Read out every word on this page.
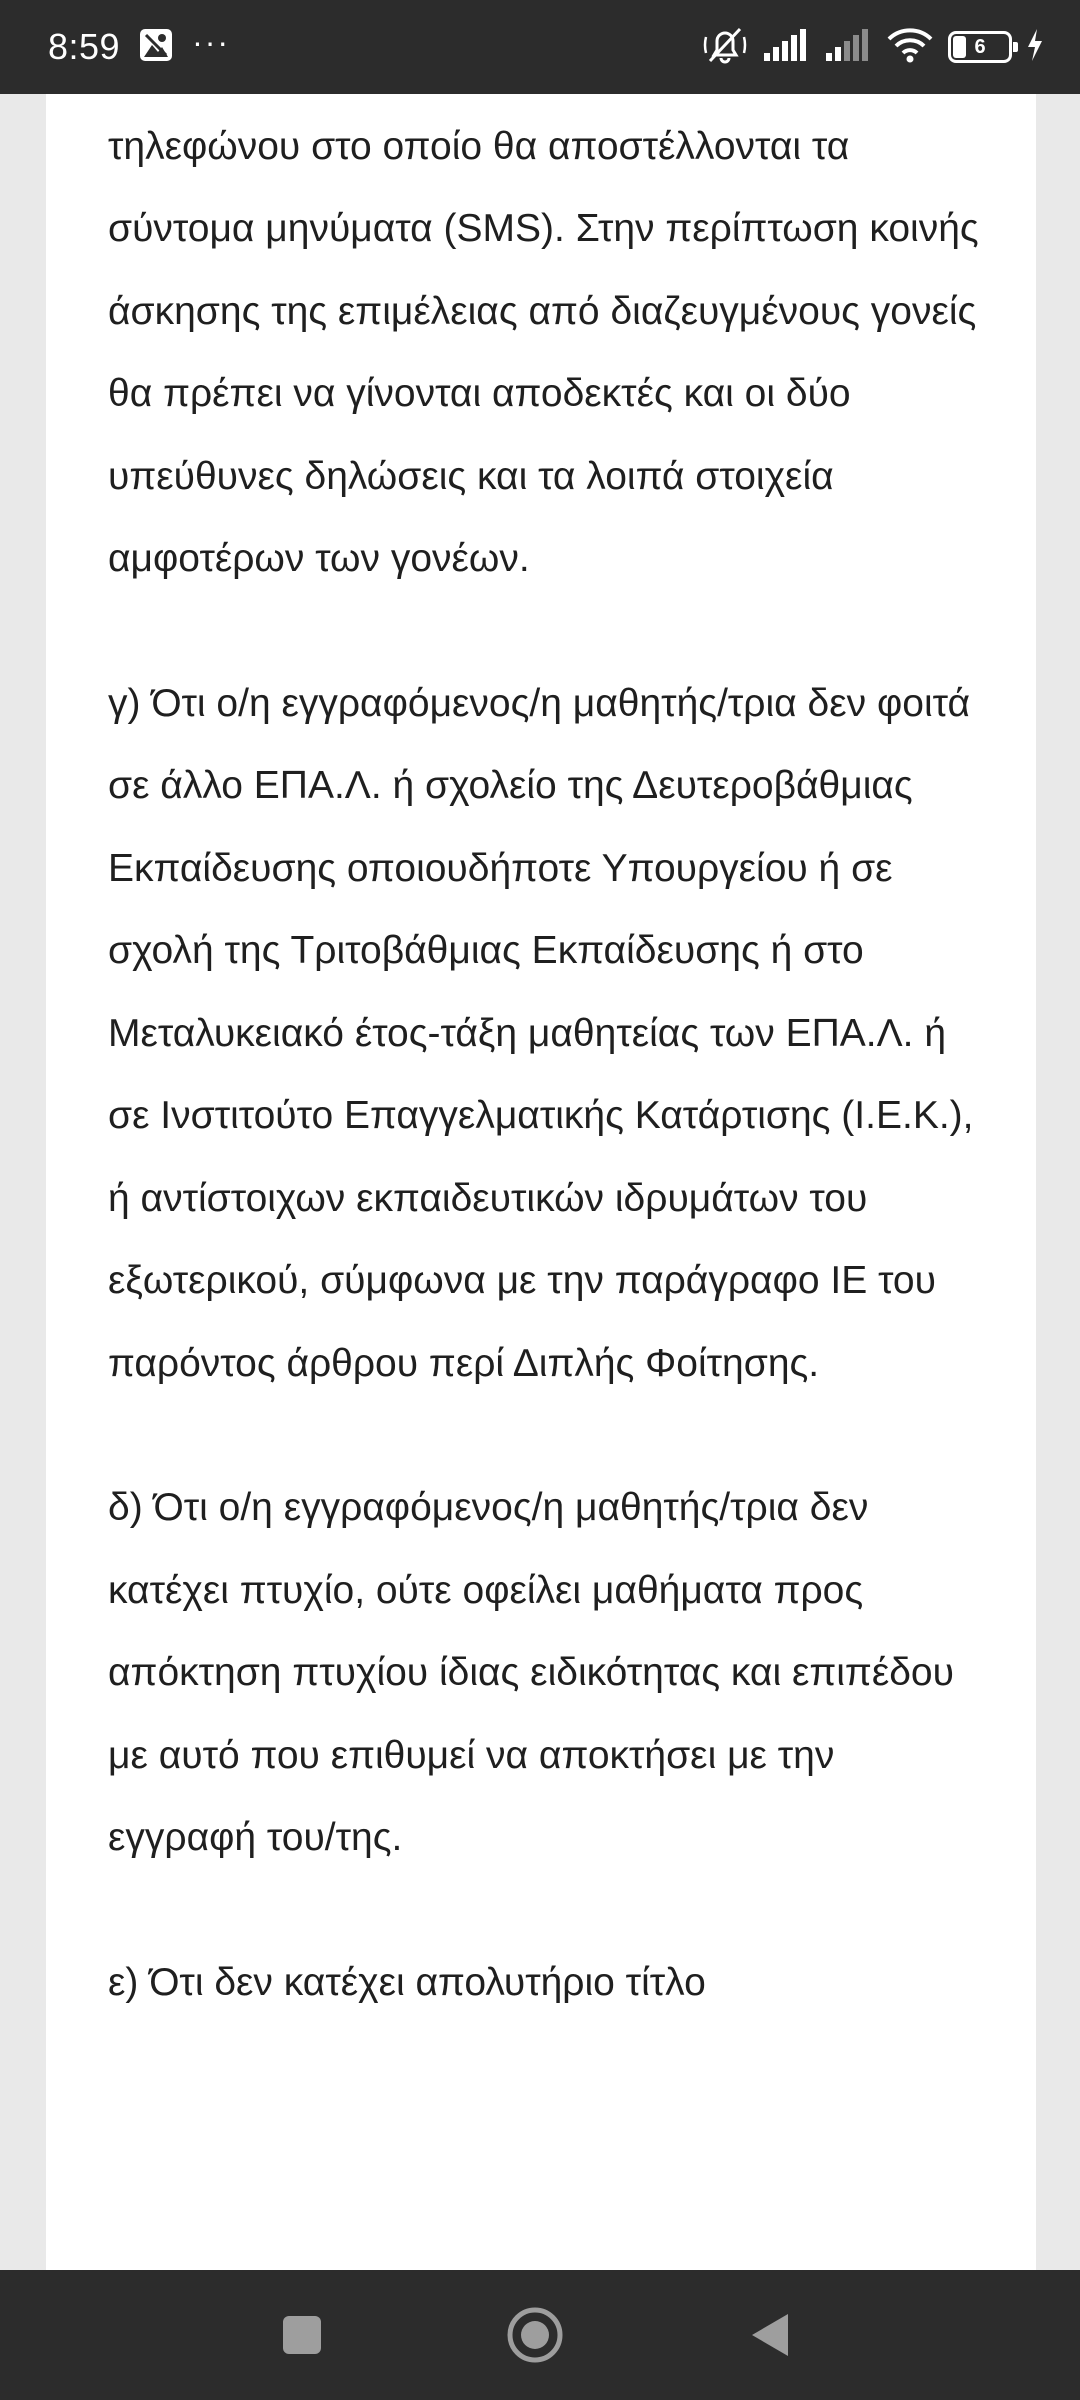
8:59 ···	6

τηλεφώνου στο οποίο θα αποστέλλονται τα σύντομα μηνύματα (SMS). Στην περίπτωση κοινής άσκησης της επιμέλειας από διαζευγμένους γονείς θα πρέπει να γίνονται αποδεκτές και οι δύο υπεύθυνες δηλώσεις και τα λοιπά στοιχεία αμφοτέρων των γονέων.

γ) Ότι ο/η εγγραφόμενος/η μαθητής/τρια δεν φοιτά σε άλλο ΕΠΑ.Λ. ή σχολείο της Δευτεροβάθμιας Εκπαίδευσης οποιουδήποτε Υπουργείου ή σε σχολή της Τριτοβάθμιας Εκπαίδευσης ή στο Μεταλυκειακό έτος-τάξη μαθητείας των ΕΠΑ.Λ. ή σε Ινστιτούτο Επαγγελματικής Κατάρτισης (Ι.Ε.Κ.), ή αντίστοιχων εκπαιδευτικών ιδρυμάτων του εξωτερικού, σύμφωνα με την παράγραφο ΙΕ του παρόντος άρθρου περί Διπλής Φοίτησης.

δ) Ότι ο/η εγγραφόμενος/η μαθητής/τρια δεν κατέχει πτυχίο, ούτε οφείλει μαθήματα προς απόκτηση πτυχίου ίδιας ειδικότητας και επιπέδου με αυτό που επιθυμεί να αποκτήσει με την εγγραφή του/της.

ε) Ότι δεν κατέχει απολυτήριο τίτλο
